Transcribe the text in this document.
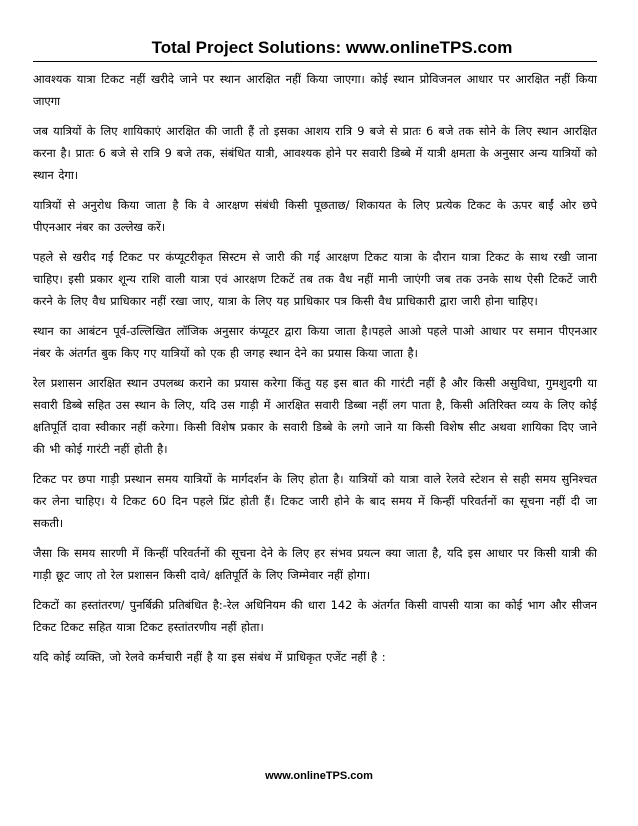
Total Project Solutions: www.onlineTPS.com

आवश्यक यात्रा टिकट नहीं खरीदे जाने पर स्थान आरक्षित नहीं किया जाएगा। कोई स्थान प्रोविजनल आधार पर आरक्षित नहीं किया जाएगा

जब यात्रियों के लिए शायिकाएं आरक्षित की जाती हैं तो इसका आशय रात्रि 9 बजे से प्रातः 6 बजे तक सोने के लिए स्थान आरक्षित करना है। प्रातः 6 बजे से रात्रि 9 बजे तक, संबंधित यात्री, आवश्यक होने पर सवारी डिब्बे में यात्री क्षमता के अनुसार अन्य यात्रियों को स्थान देगा।

यात्रियों से अनुरोध किया जाता है कि वे आरक्षण संबंधी किसी पूछताछ/ शिकायत के लिए प्रत्येक टिकट के ऊपर बाईं ओर छपे पीएनआर नंबर का उल्लेख करें।

पहले से खरीद गई टिकट पर कंप्यूटरीकृत सिस्टम से जारी की गई आरक्षण टिकट यात्रा के दौरान यात्रा टिकट के साथ रखी जाना चाहिए। इसी प्रकार शून्य राशि वाली यात्रा एवं आरक्षण टिकटें तब तक वैध नहीं मानी जाएंगी जब तक उनके साथ ऐसी टिकटें जारी करने के लिए वैध प्राधिकार नहीं रखा जाए, यात्रा के लिए यह प्राधिकार पत्र किसी वैध प्राधिकारी द्वारा जारी होना चाहिए।

स्थान का आबंटन पूर्व-उल्लिखित लॉजिक अनुसार कंप्यूटर द्वारा किया जाता है।पहले आओ पहले पाओ आधार पर समान पीएनआर नंबर के अंतर्गत बुक किए गए यात्रियों को एक ही जगह स्थान देने का प्रयास किया जाता है।

रेल प्रशासन आरक्षित स्थान उपलब्ध कराने का प्रयास करेगा किंतु यह इस बात की गारंटी नहीं है और किसी असुविधा, गुमशुदगी या सवारी डिब्बे सहित उस स्थान के लिए, यदि उस गाड़ी में आरक्षित सवारी डिब्बा नहीं लग पाता है, किसी अतिरिक्त व्यय के लिए कोई क्षतिपूर्ति दावा स्वीकार नहीं करेगा। किसी विशेष प्रकार के सवारी डिब्बे के लगो जाने या किसी विशेष सीट अथवा शायिका दिए जाने की भी कोई गारंटी नहीं होती है।

टिकट पर छपा गाड़ी प्रस्थान समय यात्रियों के मार्गदर्शन के लिए होता है। यात्रियों को यात्रा वाले रेलवे स्टेशन से सही समय सुनिश्चत कर लेना चाहिए। ये टिकट 60 दिन पहले प्रिंट होती हैं। टिकट जारी होने के बाद समय में किन्हीं परिवर्तनों का सूचना नहीं दी जा सकती।

जैसा कि समय सारणी में किन्हीं परिवर्तनों की सूचना देने के लिए हर संभव प्रयत्न क्या जाता है, यदि इस आधार पर किसी यात्री की गाड़ी छूट जाए तो रेल प्रशासन किसी दावे/ क्षतिपूर्ति के लिए जिम्मेवार नहीं होगा।

टिकटों का हस्तांतरण/ पुनर्बिक्री प्रतिबंधित है:-रेल अधिनियम की धारा 142 के अंतर्गत किसी वापसी यात्रा का कोई भाग और सीजन टिकट टिकट सहित यात्रा टिकट हस्तांतरणीय नहीं होता।

यदि कोई व्यक्ति, जो रेलवे कर्मचारी नहीं है या इस संबंध में प्राधिकृत एजेंट नहीं है :

www.onlineTPS.com
